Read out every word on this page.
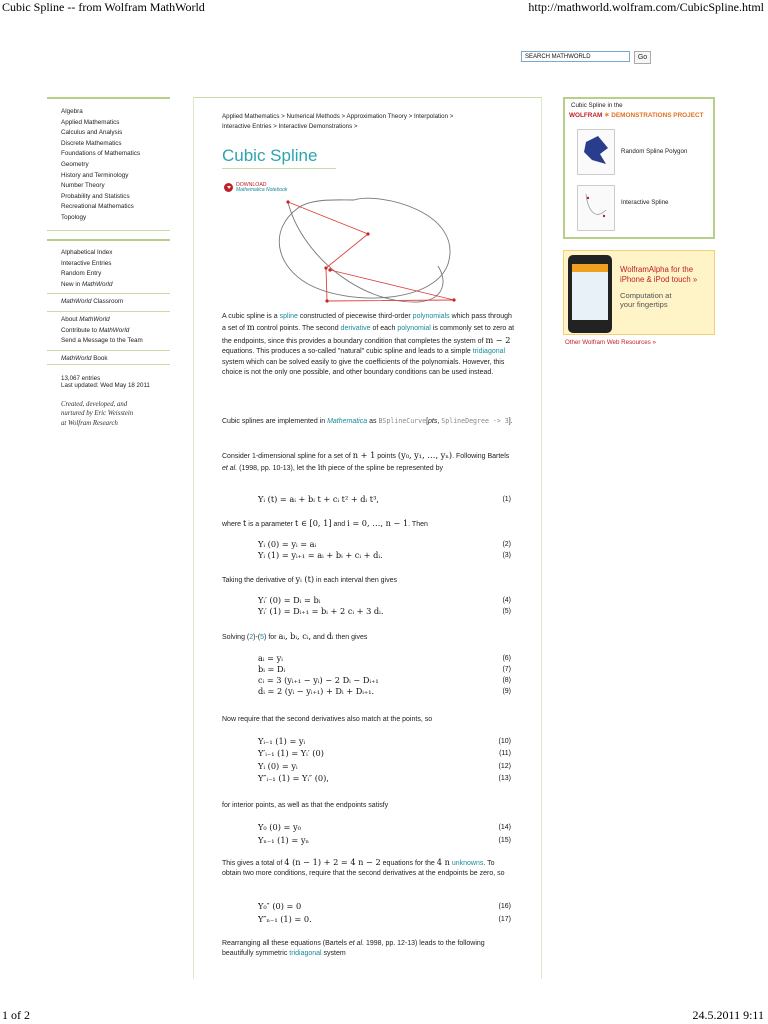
Cubic Spline -- from Wolfram MathWorld	http://mathworld.wolfram.com/CubicSpline.html
1 of 2	24.5.2011 9:11
SEARCH MATHWORLD	Go
Algebra
Applied Mathematics
Calculus and Analysis
Discrete Mathematics
Foundations of Mathematics
Geometry
History and Terminology
Number Theory
Probability and Statistics
Recreational Mathematics
Topology
Alphabetical Index
Interactive Entries
Random Entry
New in MathWorld
MathWorld Classroom
About MathWorld
Contribute to MathWorld
Send a Message to the Team
MathWorld Book
13,067 entries
Last updated: Wed May 18 2011
Created, developed, and
nurtured by Eric Weisstein
at Wolfram Research
Applied Mathematics > Numerical Methods > Approximation Theory > Interpolation >
Interactive Entries > Interactive Demonstrations >
Cubic Spline
DOWNLOAD
Mathematica Notebook
A cubic spline is a spline constructed of piecewise third-order polynomials which pass through a set of m control points. The second derivative of each polynomial is commonly set to zero at the endpoints, since this provides a boundary condition that completes the system of m − 2 equations. This produces a so-called "natural" cubic spline and leads to a simple tridiagonal system which can be solved easily to give the coefficients of the polynomials. However, this choice is not the only one possible, and other boundary conditions can be used instead.
Cubic splines are implemented in Mathematica as BSplineCurve[pts, SplineDegree -> 3].
Consider 1-dimensional spline for a set of n + 1 points (y₀, y₁, …, yₙ). Following Bartels et al. (1998, pp. 10-13), let the ith piece of the spline be represented by
Yᵢ (t) = aᵢ + bᵢ t + cᵢ t² + dᵢ t³,	(1)
where t is a parameter t ∈ [0, 1] and i = 0, …, n − 1. Then
Yᵢ (0) = yᵢ = aᵢ	(2)
Yᵢ (1) = yᵢ₊₁ = aᵢ + bᵢ + cᵢ + dᵢ.	(3)
Taking the derivative of yᵢ (t) in each interval then gives
Yᵢ′ (0) = Dᵢ = bᵢ	(4)
Yᵢ′ (1) = Dᵢ₊₁ = bᵢ + 2 cᵢ + 3 dᵢ.	(5)
Solving (2)-(5) for aᵢ, bᵢ, cᵢ, and dᵢ then gives
aᵢ = yᵢ	(6)
bᵢ = Dᵢ	(7)
cᵢ = 3 (yᵢ₊₁ − yᵢ) − 2 Dᵢ − Dᵢ₊₁	(8)
dᵢ = 2 (yᵢ − yᵢ₊₁) + Dᵢ + Dᵢ₊₁.	(9)
Now require that the second derivatives also match at the points, so
Yᵢ₋₁ (1) = yᵢ	(10)
Y′ᵢ₋₁ (1) = Yᵢ′ (0)	(11)
Yᵢ (0) = yᵢ	(12)
Y″ᵢ₋₁ (1) = Yᵢ″ (0),	(13)
for interior points, as well as that the endpoints satisfy
Y₀ (0) = y₀	(14)
Yₙ₋₁ (1) = yₙ	(15)
This gives a total of 4 (n − 1) + 2 = 4 n − 2 equations for the 4 n unknowns. To obtain two more conditions, require that the second derivatives at the endpoints be zero, so
Y₀″ (0) = 0	(16)
Y″ₙ₋₁ (1) = 0.	(17)
Rearranging all these equations (Bartels et al. 1998, pp. 12-13) leads to the following beautifully symmetric tridiagonal system
Cubic Spline in the
WOLFRAM ✶ DEMONSTRATIONS PROJECT
Random Spline Polygon
Interactive Spline
WolframAlpha for the
iPhone & iPod touch »
Computation at
your fingertips
Other Wolfram Web Resources »
